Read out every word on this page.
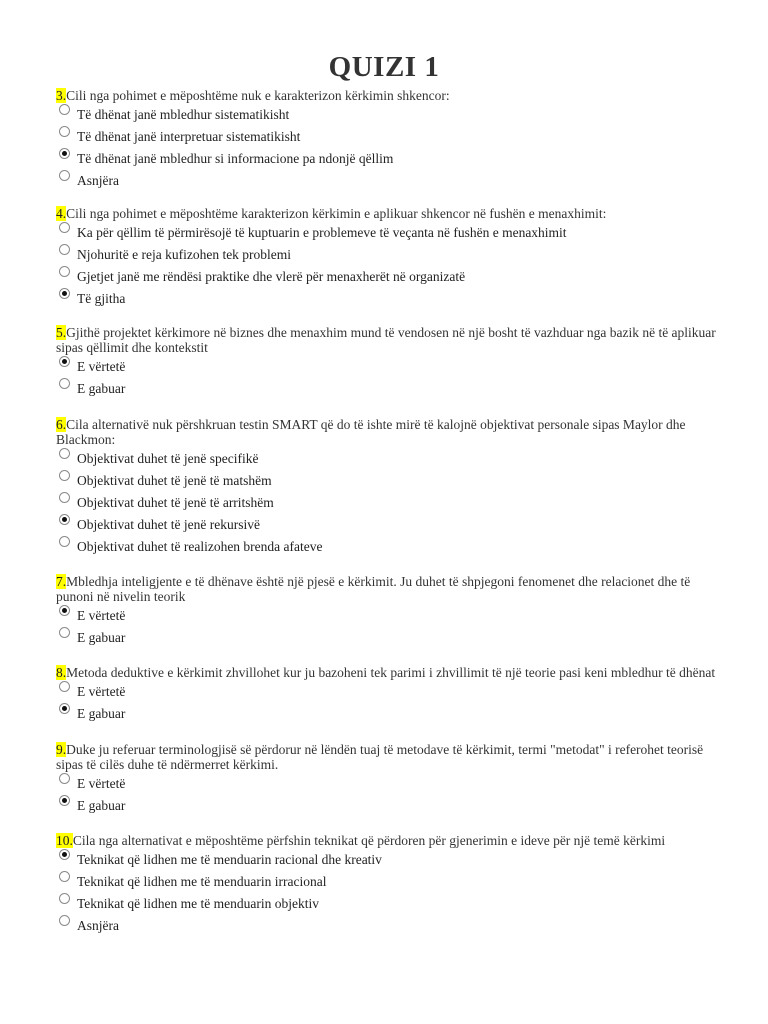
QUIZI 1
3.Cili nga pohimet e mëposhtëme nuk e karakterizon kërkimin shkencor:
Të dhënat janë mbledhur sistematikisht
Të dhënat janë interpretuar sistematikisht
Të dhënat janë mbledhur si informacione pa ndonjë qëllim
Asnjëra
4.Cili nga pohimet e mëposhtëme karakterizon kërkimin e aplikuar shkencor në fushën e menaxhimit:
Ka për qëllim të përmirësojë të kuptuarin e problemeve të veçanta në fushën e menaxhimit
Njohuritë e reja kufizohen tek problemi
Gjetjet janë me rëndësi praktike dhe vlerë për menaxherët në organizatë
Të gjitha
5.Gjithë projektet kërkimore në biznes dhe menaxhim mund të vendosen në një bosht të vazhduar nga bazik në të aplikuar sipas qëllimit dhe kontekstit
E vërtetë
E gabuar
6.Cila alternativë nuk përshkruan testin SMART që do të ishte mirë të kalojnë objektivat personale sipas Maylor dhe Blackmon:
Objektivat duhet të jenë specifikë
Objektivat duhet të jenë të matshëm
Objektivat duhet të jenë të arritshëm
Objektivat duhet të jenë rekursivë
Objektivat duhet të realizohen brenda afateve
7.Mbledhja inteligjente e të dhënave është një pjesë e kërkimit. Ju duhet të shpjegoni fenomenet dhe relacionet dhe të punoni në nivelin teorik
E vërtetë
E gabuar
8.Metoda deduktive e kërkimit zhvillohet kur ju bazoheni tek parimi i zhvillimit të një teorie pasi keni mbledhur të dhënat
E vërtetë
E gabuar
9.Duke ju referuar terminologjisë së përdorur në lëndën tuaj të metodave të kërkimit, termi "metodat" i referohet teorisë sipas të cilës duhe të ndërmerret kërkimi.
E vërtetë
E gabuar
10.Cila nga alternativat e mëposhtëme përfshin teknikat që përdoren për gjenerimin e ideve për një temë kërkimi
Teknikat që lidhen me të menduarin racional dhe kreativ
Teknikat që lidhen me të menduarin irracional
Teknikat që lidhen me të menduarin objektiv
Asnjëra
